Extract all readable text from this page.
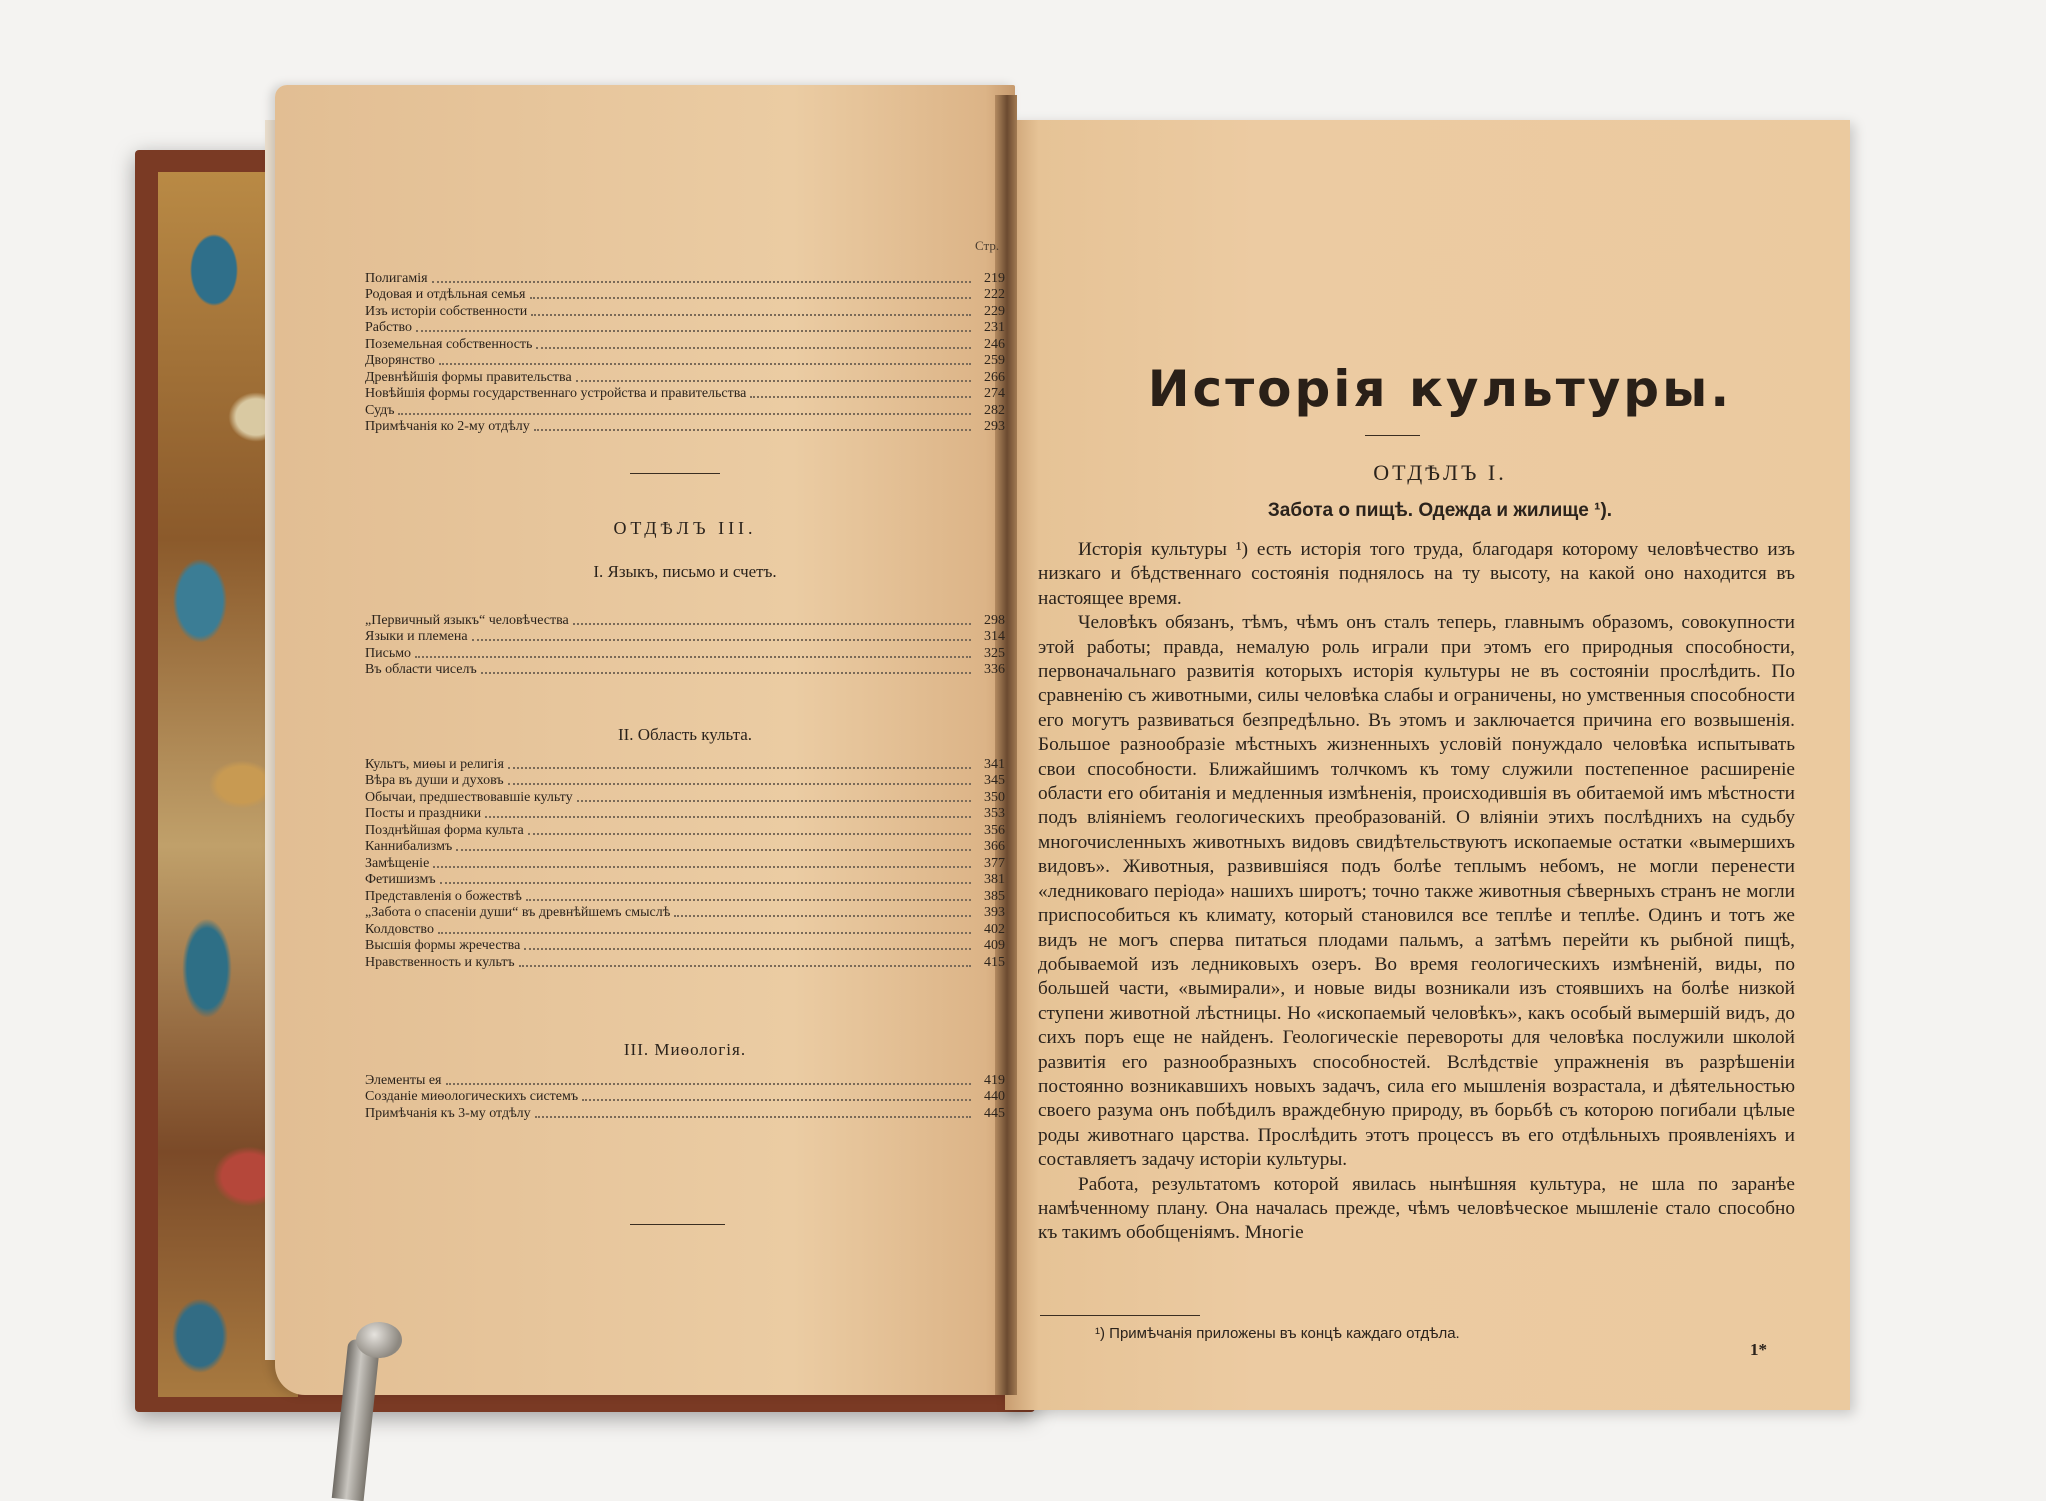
Стр.
Полигамія	219
Родовая и отдѣльная семья	222
Изъ исторіи собственности	229
Рабство	231
Поземельная собственность	246
Дворянство	259
Древнѣйшія формы правительства	266
Новѣйшія формы государственнаго устройства и правительства	274
Судъ	282
Примѣчанія ко 2-му отдѣлу	293
ОТДѢЛЪ III.
I. Языкъ, письмо и счетъ.
„Первичный языкъ“ человѣчества	298
Языки и племена	314
Письмо	325
Въ области чиселъ	336
II. Область культа.
Культъ, миѳы и религія	341
Вѣра въ души и духовъ	345
Обычаи, предшествовавшіе культу	350
Посты и праздники	353
Позднѣйшая форма культа	356
Каннибализмъ	366
Замѣщеніе	377
Фетишизмъ	381
Представленія о божествѣ	385
„Забота о спасеніи души“ въ древнѣйшемъ смыслѣ	393
Колдовство	402
Высшія формы жречества	409
Нравственность и культъ	415
III. Миѳологія.
Элементы ея	419
Созданіе миѳологическихъ системъ	440
Примѣчанія къ 3-му отдѣлу	445
Исторія культуры.
ОТДѢЛЪ I.
Забота о пищѣ. Одежда и жилище ¹).

Исторія культуры ¹) есть исторія того труда, благодаря которому человѣчество изъ низкаго и бѣдственнаго состоянія поднялось на ту высоту, на какой оно находится въ настоящее время.

Человѣкъ обязанъ, тѣмъ, чѣмъ онъ сталъ теперь, главнымъ образомъ, совокупности этой работы; правда, немалую роль играли при этомъ его природныя способности, первоначальнаго развитія которыхъ исторія культуры не въ состояніи прослѣдить. По сравненію съ животными, силы человѣка слабы и ограничены, но умственныя способности его могутъ развиваться безпредѣльно. Въ этомъ и заключается причина его возвышенія. Большое разнообразіе мѣстныхъ жизненныхъ условій понуждало человѣка испытывать свои способности. Ближайшимъ толчкомъ къ тому служили постепенное расширеніе области его обитанія и медленныя измѣненія, происходившія въ обитаемой имъ мѣстности подъ вліяніемъ геологическихъ преобразованій. О вліяніи этихъ послѣднихъ на судьбу многочисленныхъ животныхъ видовъ свидѣтельствуютъ ископаемые остатки «вымершихъ видовъ». Животныя, развившіяся подъ болѣе теплымъ небомъ, не могли перенести «ледниковаго періода» нашихъ широтъ; точно также животныя сѣверныхъ странъ не могли приспособиться къ климату, который становился все теплѣе и теплѣе. Одинъ и тотъ же видъ не могъ сперва питаться плодами пальмъ, а затѣмъ перейти къ рыбной пищѣ, добываемой изъ ледниковыхъ озеръ. Во время геологическихъ измѣненій, виды, по большей части, «вымирали», и новые виды возникали изъ стоявшихъ на болѣе низкой ступени животной лѣстницы. Но «ископаемый человѣкъ», какъ особый вымершій видъ, до сихъ поръ еще не найденъ. Геологическіе перевороты для человѣка послужили школой развитія его разнообразныхъ способностей. Вслѣдствіе упражненія въ разрѣшеніи постоянно возникавшихъ новыхъ задачъ, сила его мышленія возрастала, и дѣятельностью своего разума онъ побѣдилъ враждебную природу, въ борьбѣ съ которою погибали цѣлые роды животнаго царства. Прослѣдить этотъ процессъ въ его отдѣльныхъ проявленіяхъ и составляетъ задачу исторіи культуры.

Работа, результатомъ которой явилась нынѣшняя культура, не шла по заранѣе намѣченному плану. Она началась прежде, чѣмъ человѣческое мышленіе стало способно къ такимъ обобщеніямъ. Многіе

¹) Примѣчанія приложены въ концѣ каждаго отдѣла.
1*
